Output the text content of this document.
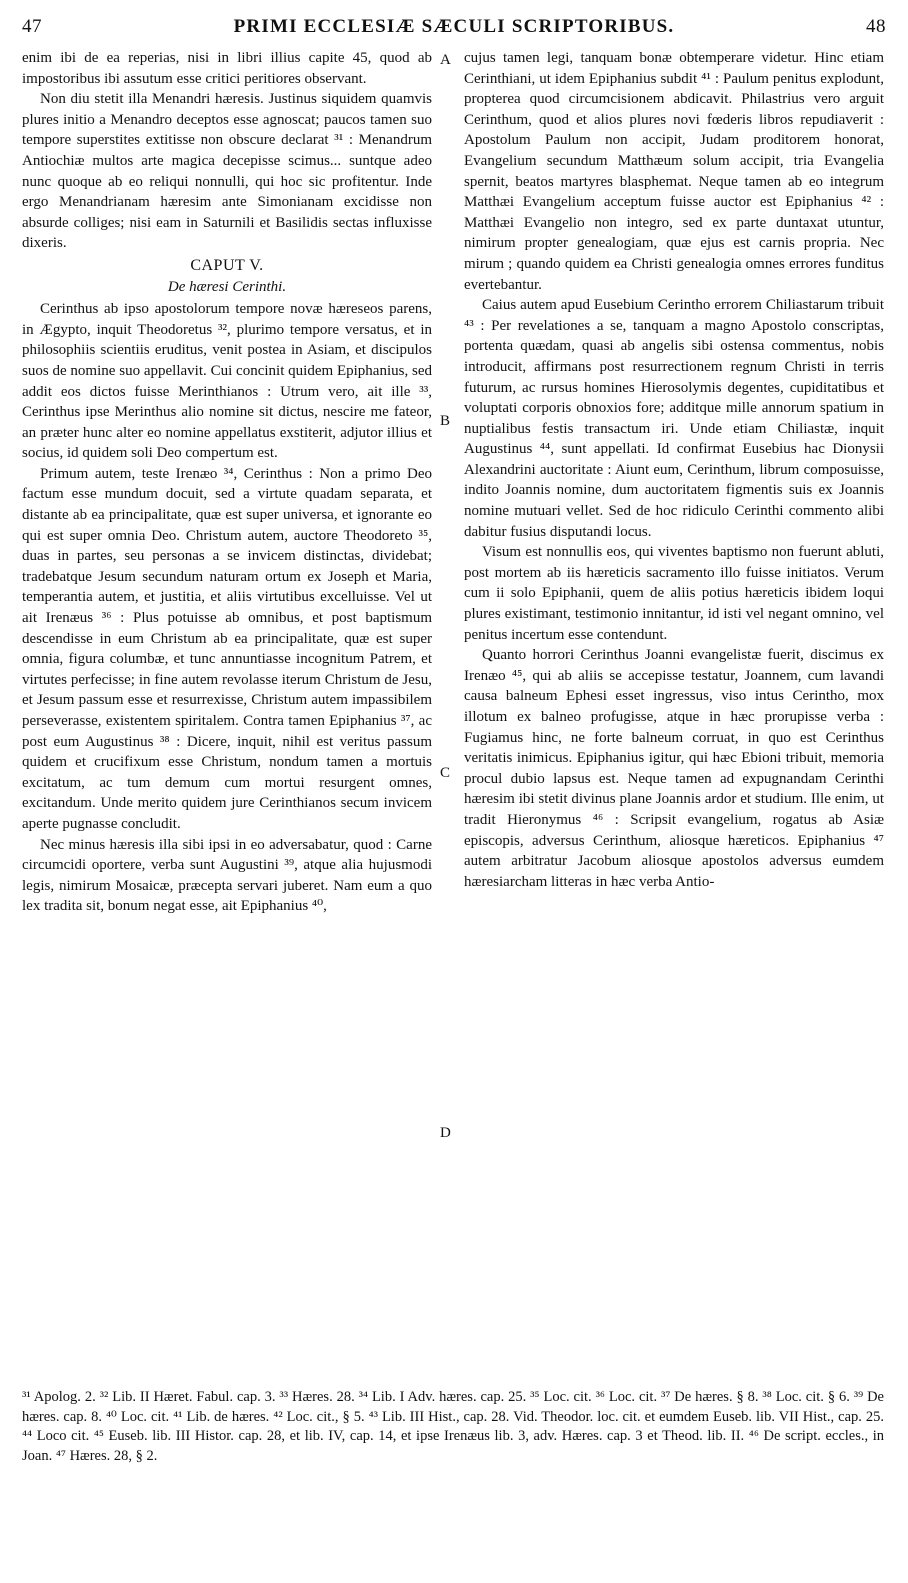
47	PRIMI ECCLESIÆ SÆCULI SCRIPTORIBUS.	48
A
B
C
D

enim ibi de ea reperias, nisi in libri illius capite 45, quod ab impostoribus ibi assutum esse critici peritiores observant.

Non diu stetit illa Menandri hæresis. Justinus siquidem quamvis plures initio a Menandro deceptos esse agnoscat; paucos tamen suo tempore superstites extitisse non obscure declarat ³¹ : Menandrum Antiochiæ multos arte magica decepisse scimus... suntque adeo nunc quoque ab eo reliqui nonnulli, qui hoc sic profitentur. Inde ergo Menandrianam hæresim ante Simonianam excidisse non absurde colliges; nisi eam in Saturnili et Basilidis sectas influxisse dixeris.

CAPUT V.
De hæresi Cerinthi.

Cerinthus ab ipso apostolorum tempore novæ hæreseos parens, in Ægypto, inquit Theodoretus ³², plurimo tempore versatus, et in philosophiis scientiis eruditus, venit postea in Asiam, et discipulos suos de nomine suo appellavit. Cui concinit quidem Epiphanius, sed addit eos dictos fuisse Merinthianos : Utrum vero, ait ille ³³, Cerinthus ipse Merinthus alio nomine sit dictus, nescire me fateor, an præter hunc alter eo nomine appellatus exstiterit, adjutor illius et socius, id quidem soli Deo compertum est.

Primum autem, teste Irenæo ³⁴, Cerinthus : Non a primo Deo factum esse mundum docuit, sed a virtute quadam separata, et distante ab ea principalitate, quæ est super universa, et ignorante eo qui est super omnia Deo. Christum autem, auctore Theodoreto ³⁵, duas in partes, seu personas a se invicem distinctas, dividebat; tradebatque Jesum secundum naturam ortum ex Joseph et Maria, temperantia autem, et justitia, et aliis virtutibus excelluisse. Vel ut ait Irenæus ³⁶ : Plus potuisse ab omnibus, et post baptismum descendisse in eum Christum ab ea principalitate, quæ est super omnia, figura columbæ, et tunc annuntiasse incognitum Patrem, et virtutes perfecisse; in fine autem revolasse iterum Christum de Jesu, et Jesum passum esse et resurrexisse, Christum autem impassibilem perseverasse, existentem spiritalem. Contra tamen Epiphanius ³⁷, ac post eum Augustinus ³⁸ : Dicere, inquit, nihil est veritus passum quidem et crucifixum esse Christum, nondum tamen a mortuis excitatum, ac tum demum cum mortui resurgent omnes, excitandum. Unde merito quidem jure Cerinthianos secum invicem aperte pugnasse concludit.

Nec minus hæresis illa sibi ipsi in eo adversabatur, quod : Carne circumcidi oportere, verba sunt Augustini ³⁹, atque alia hujusmodi legis, nimirum Mosaicæ, præcepta servari juberet. Nam eum a quo lex tradita sit, bonum negat esse, ait Epiphanius ⁴⁰,

cujus tamen legi, tanquam bonæ obtemperare videtur. Hinc etiam Cerinthiani, ut idem Epiphanius subdit ⁴¹ : Paulum penitus explodunt, propterea quod circumcisionem abdicavit. Philastrius vero arguit Cerinthum, quod et alios plures novi fœderis libros repudiaverit : Apostolum Paulum non accipit, Judam proditorem honorat, Evangelium secundum Matthæum solum accipit, tria Evangelia spernit, beatos martyres blasphemat. Neque tamen ab eo integrum Matthæi Evangelium acceptum fuisse auctor est Epiphanius ⁴² : Matthæi Evangelio non integro, sed ex parte duntaxat utuntur, nimirum propter genealogiam, quæ ejus est carnis propria. Nec mirum ; quando quidem ea Christi genealogia omnes errores funditus evertebantur.

Caius autem apud Eusebium Cerintho errorem Chiliastarum tribuit ⁴³ : Per revelationes a se, tanquam a magno Apostolo conscriptas, portenta quædam, quasi ab angelis sibi ostensa commentus, nobis introducit, affirmans post resurrectionem regnum Christi in terris futurum, ac rursus homines Hierosolymis degentes, cupiditatibus et voluptati corporis obnoxios fore; additque mille annorum spatium in nuptialibus festis transactum iri. Unde etiam Chiliastæ, inquit Augustinus ⁴⁴, sunt appellati. Id confirmat Eusebius hac Dionysii Alexandrini auctoritate : Aiunt eum, Cerinthum, librum composuisse, indito Joannis nomine, dum auctoritatem figmentis suis ex Joannis nomine mutuari vellet. Sed de hoc ridiculo Cerinthi commento alibi dabitur fusius disputandi locus.

Visum est nonnullis eos, qui viventes baptismo non fuerunt abluti, post mortem ab iis hæreticis sacramento illo fuisse initiatos. Verum cum ii solo Epiphanii, quem de aliis potius hæreticis ibidem loqui plures existimant, testimonio innitantur, id isti vel negant omnino, vel penitus incertum esse contendunt.

Quanto horrori Cerinthus Joanni evangelistæ fuerit, discimus ex Irenæo ⁴⁵, qui ab aliis se accepisse testatur, Joannem, cum lavandi causa balneum Ephesi esset ingressus, viso intus Cerintho, mox illotum ex balneo profugisse, atque in hæc prorupisse verba : Fugiamus hinc, ne forte balneum corruat, in quo est Cerinthus veritatis inimicus. Epiphanius igitur, qui hæc Ebioni tribuit, memoria procul dubio lapsus est. Neque tamen ad expugnandam Cerinthi hæresim ibi stetit divinus plane Joannis ardor et studium. Ille enim, ut tradit Hieronymus ⁴⁶ : Scripsit evangelium, rogatus ab Asiæ episcopis, adversus Cerinthum, aliosque hæreticos. Epiphanius ⁴⁷ autem arbitratur Jacobum aliosque apostolos adversus eumdem hæresiarcham litteras in hæc verba Antio-

³¹ Apolog. 2. ³² Lib. II Hæret. Fabul. cap. 3. ³³ Hæres. 28. ³⁴ Lib. I Adv. hæres. cap. 25. ³⁵ Loc. cit. ³⁶ Loc. cit. ³⁷ De hæres. § 8. ³⁸ Loc. cit. § 6. ³⁹ De hæres. cap. 8. ⁴⁰ Loc. cit. ⁴¹ Lib. de hæres. ⁴² Loc. cit., § 5. ⁴³ Lib. III Hist., cap. 28. Vid. Theodor. loc. cit. et eumdem Euseb. lib. VII Hist., cap. 25. ⁴⁴ Loco cit. ⁴⁵ Euseb. lib. III Histor. cap. 28, et lib. IV, cap. 14, et ipse Irenæus lib. 3, adv. Hæres. cap. 3 et Theod. lib. II. ⁴⁶ De script. eccles., in Joan. ⁴⁷ Hæres. 28, § 2.
